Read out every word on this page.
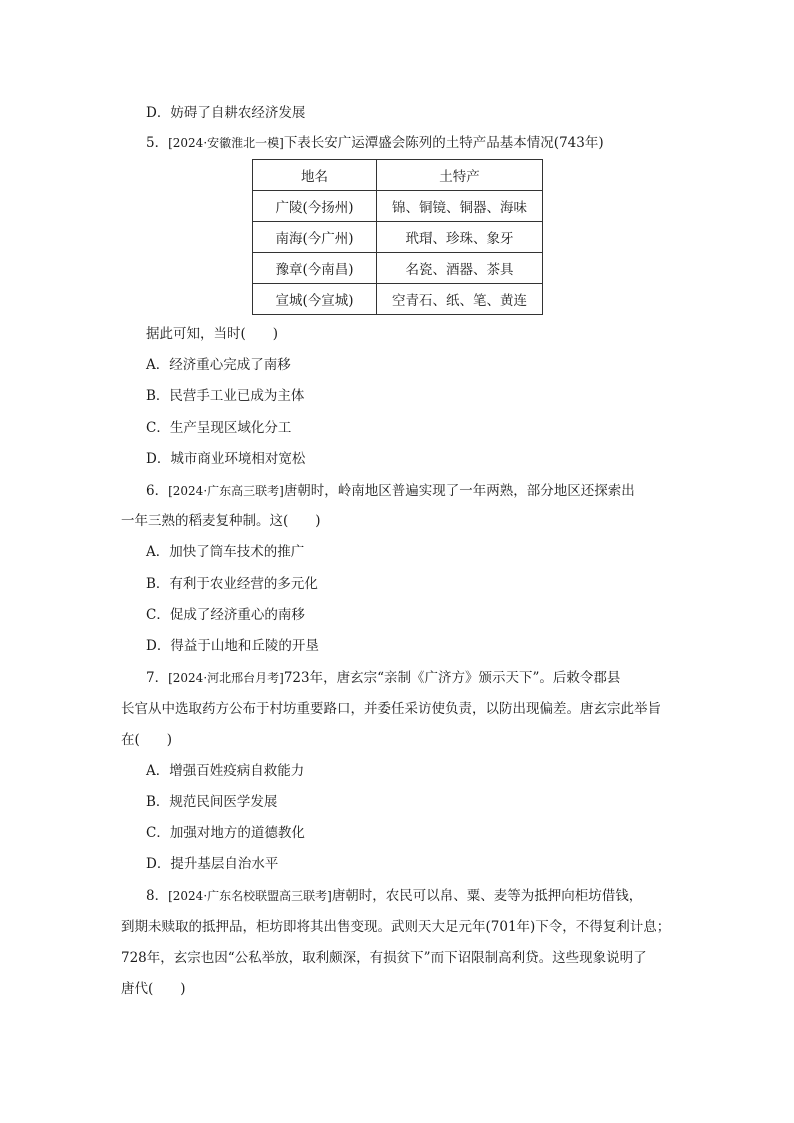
D．妨碍了自耕农经济发展
5．[2024·安徽淮北一模]下表长安广运潭盛会陈列的土特产品基本情况(743年)
地名	土特产
广陵(今扬州)	锦、铜镜、铜器、海味
南海(今广州)	玳瑁、珍珠、象牙
豫章(今南昌)	名瓷、酒器、茶具
宣城(今宣城)	空青石、纸、笔、黄连
据此可知，当时(　　)
A．经济重心完成了南移
B．民营手工业已成为主体
C．生产呈现区域化分工
D．城市商业环境相对宽松
6．[2024·广东高三联考]唐朝时，岭南地区普遍实现了一年两熟，部分地区还探索出
一年三熟的稻麦复种制。这(　　)
A．加快了筒车技术的推广
B．有利于农业经营的多元化
C．促成了经济重心的南移
D．得益于山地和丘陵的开垦
7．[2024·河北邢台月考]723年，唐玄宗“亲制《广济方》颁示天下”。后敕令郡县
长官从中选取药方公布于村坊重要路口，并委任采访使负责，以防出现偏差。唐玄宗此举旨
在(　　)
A．增强百姓疫病自救能力
B．规范民间医学发展
C．加强对地方的道德教化
D．提升基层自治水平
8．[2024·广东名校联盟高三联考]唐朝时，农民可以帛、粟、麦等为抵押向柜坊借钱，
到期未赎取的抵押品，柜坊即将其出售变现。武则天大足元年(701年)下令，不得复利计息；
728年，玄宗也因“公私举放，取利颇深，有损贫下”而下诏限制高利贷。这些现象说明了
唐代(　　)
